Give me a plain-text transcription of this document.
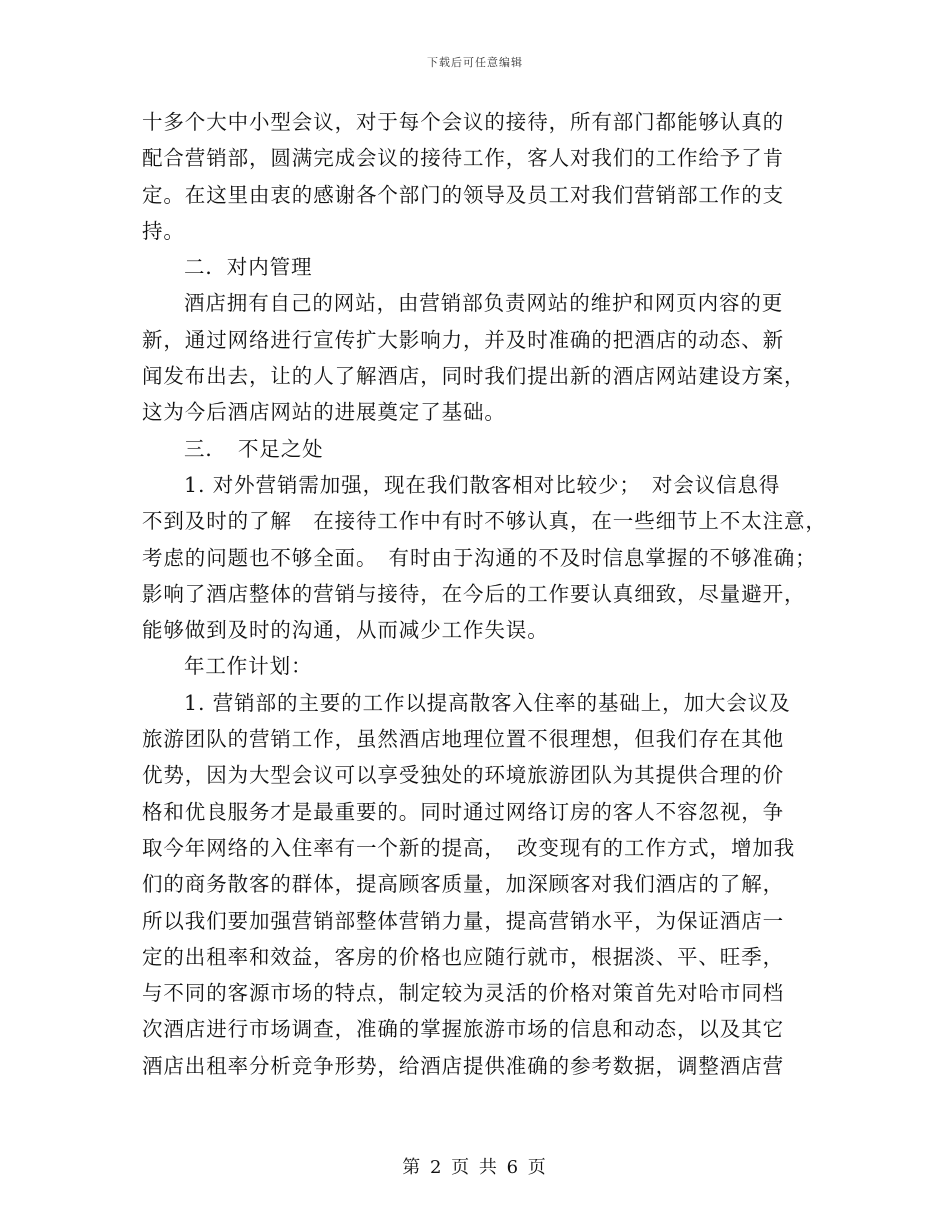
下载后可任意编辑
十多个大中小型会议，对于每个会议的接待，所有部门都能够认真的
配合营销部，圆满完成会议的接待工作，客人对我们的工作给予了肯
定。在这里由衷的感谢各个部门的领导及员工对我们营销部工作的支
持。
二．对内管理
酒店拥有自己的网站，由营销部负责网站的维护和网页内容的更
新，通过网络进行宣传扩大影响力，并及时准确的把酒店的动态、新
闻发布出去，让的人了解酒店，同时我们提出新的酒店网站建设方案，
这为今后酒店网站的进展奠定了基础。
三．　不足之处
1. 对外营销需加强，现在我们散客相对比较少；　对会议信息得
不到及时的了解　在接待工作中有时不够认真，在一些细节上不太注意，
考虑的问题也不够全面。　有时由于沟通的不及时信息掌握的不够准确；
影响了酒店整体的营销与接待，在今后的工作要认真细致，尽量避开，
能够做到及时的沟通，从而减少工作失误。
年工作计划：
1. 营销部的主要的工作以提高散客入住率的基础上，加大会议及
旅游团队的营销工作，虽然酒店地理位置不很理想，但我们存在其他
优势，因为大型会议可以享受独处的环境旅游团队为其提供合理的价
格和优良服务才是最重要的。同时通过网络订房的客人不容忽视，争
取今年网络的入住率有一个新的提高，　改变现有的工作方式，增加我
们的商务散客的群体，提高顾客质量，加深顾客对我们酒店的了解，
所以我们要加强营销部整体营销力量，提高营销水平，为保证酒店一
定的出租率和效益，客房的价格也应随行就市，根据淡、平、旺季，
与不同的客源市场的特点，制定较为灵活的价格对策首先对哈市同档
次酒店进行市场调查，准确的掌握旅游市场的信息和动态，以及其它
酒店出租率分析竞争形势，给酒店提供准确的参考数据，调整酒店营
第 2 页 共 6 页
